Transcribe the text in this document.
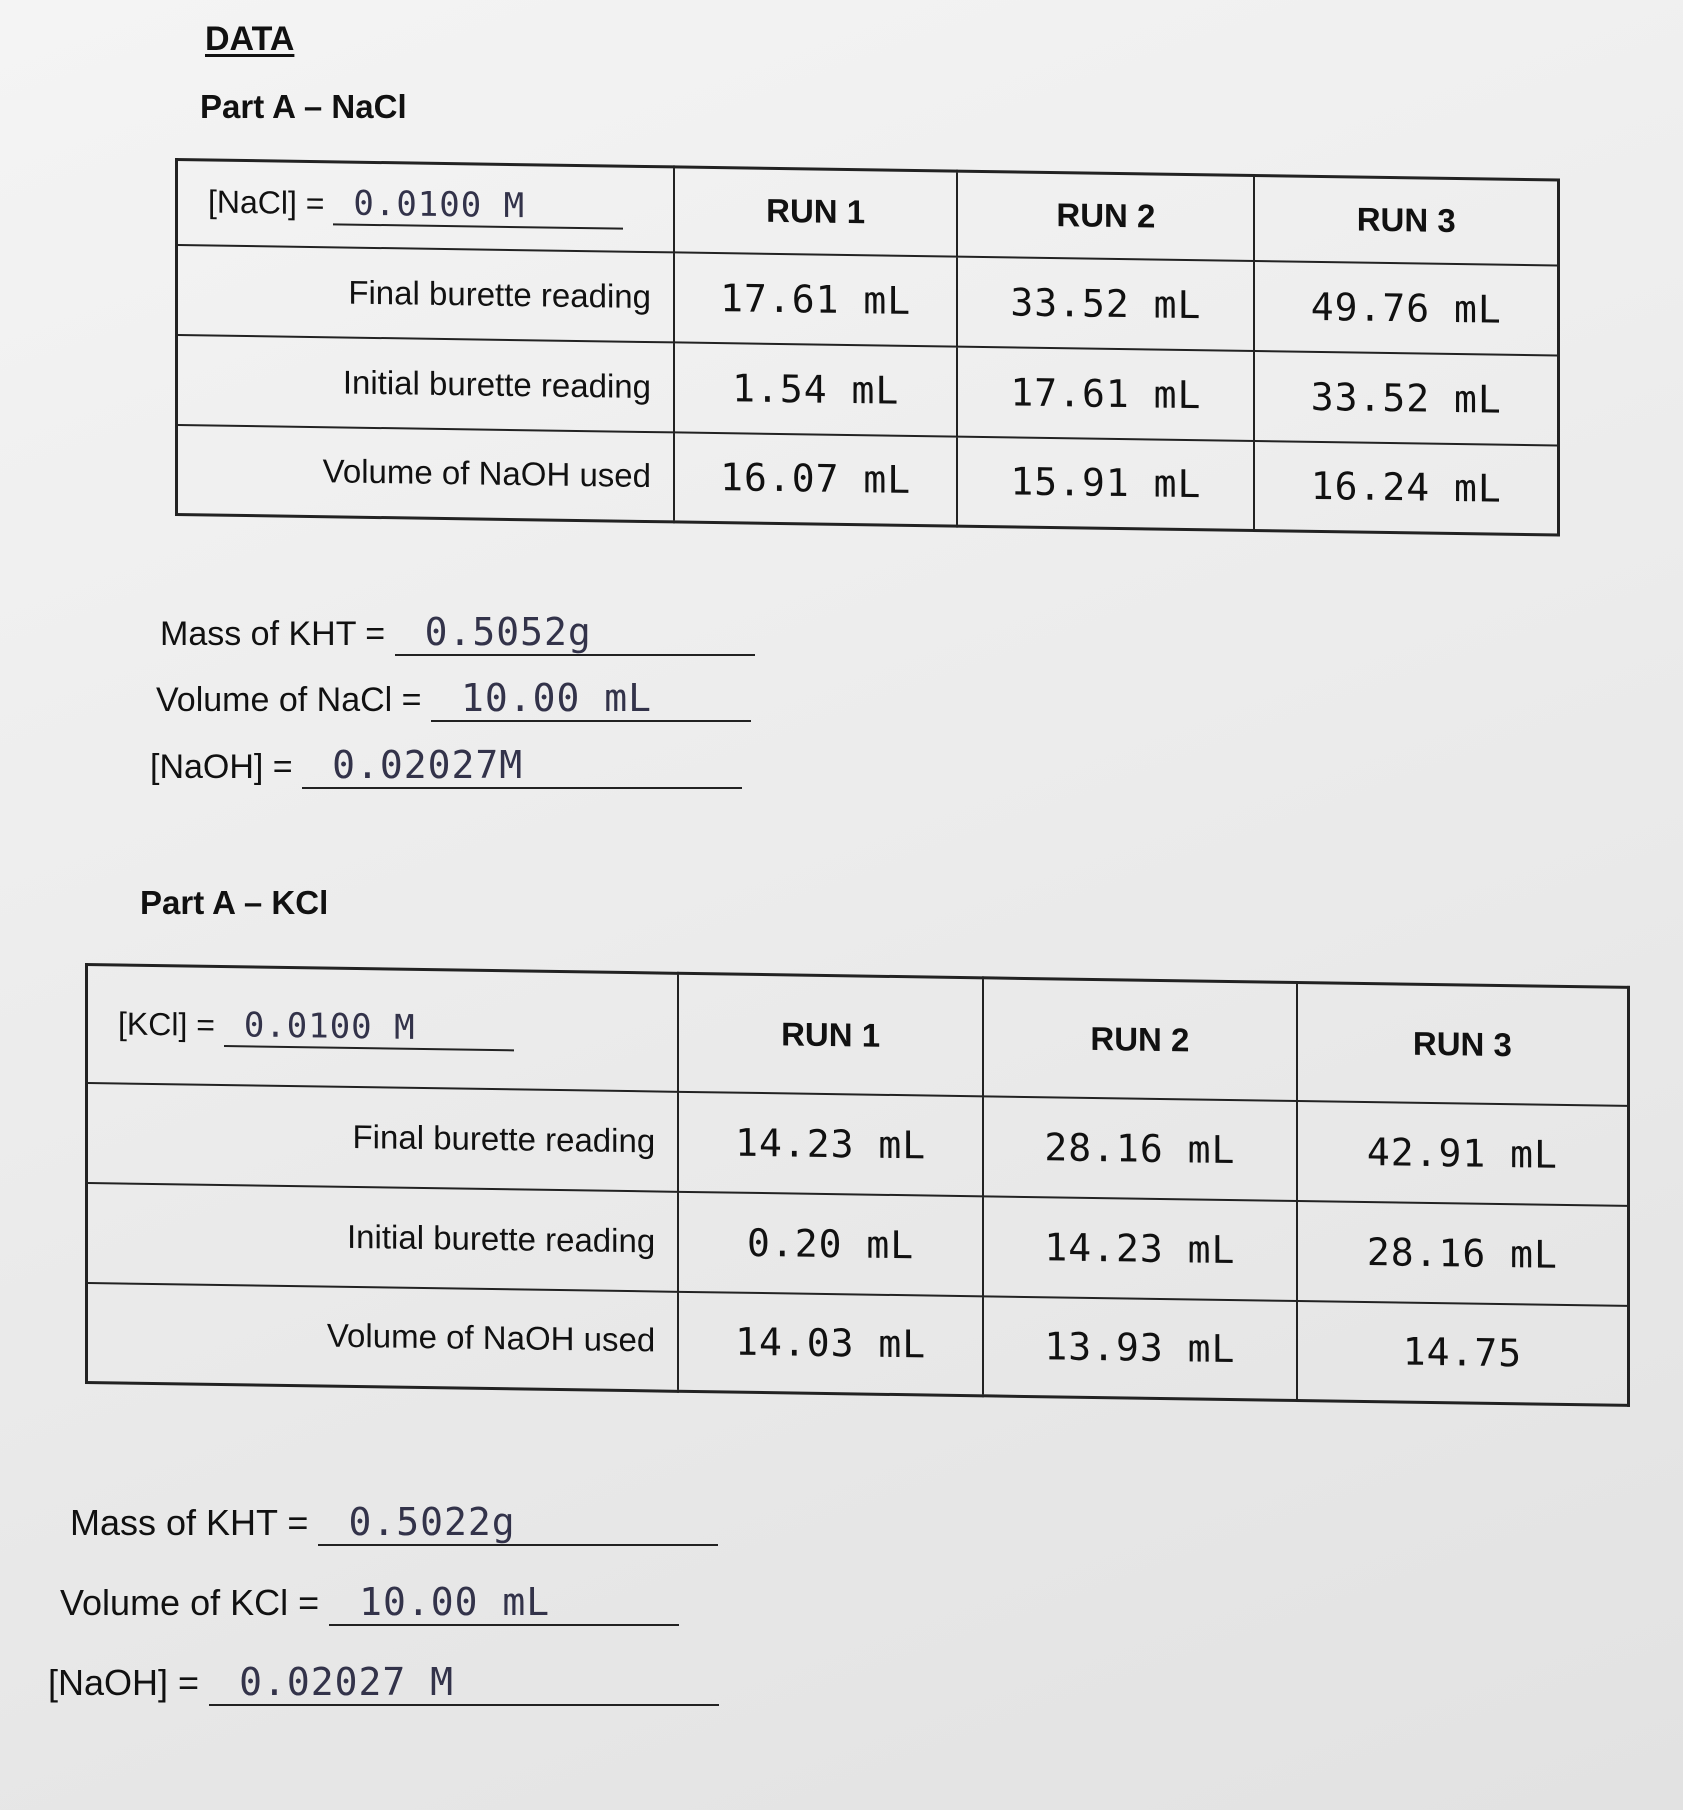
DATA
Part A – NaCl
[NaCl] = 0.0100 M	RUN 1	RUN 2	RUN 3
Final burette reading	17.61 mL	33.52 mL	49.76 mL
Initial burette reading	1.54 mL	17.61 mL	33.52 mL
Volume of NaOH used	16.07 mL	15.91 mL	16.24 mL
Mass of KHT = 0.5052g
Volume of NaCl = 10.00 mL
[NaOH] = 0.02027M
Part A – KCl
[KCl] = 0.0100 M	RUN 1	RUN 2	RUN 3
Final burette reading	14.23 mL	28.16 mL	42.91 mL
Initial burette reading	0.20 mL	14.23 mL	28.16 mL
Volume of NaOH used	14.03 mL	13.93 mL	14.75
Mass of KHT = 0.5022g
Volume of KCl = 10.00 mL
[NaOH] = 0.02027 M
